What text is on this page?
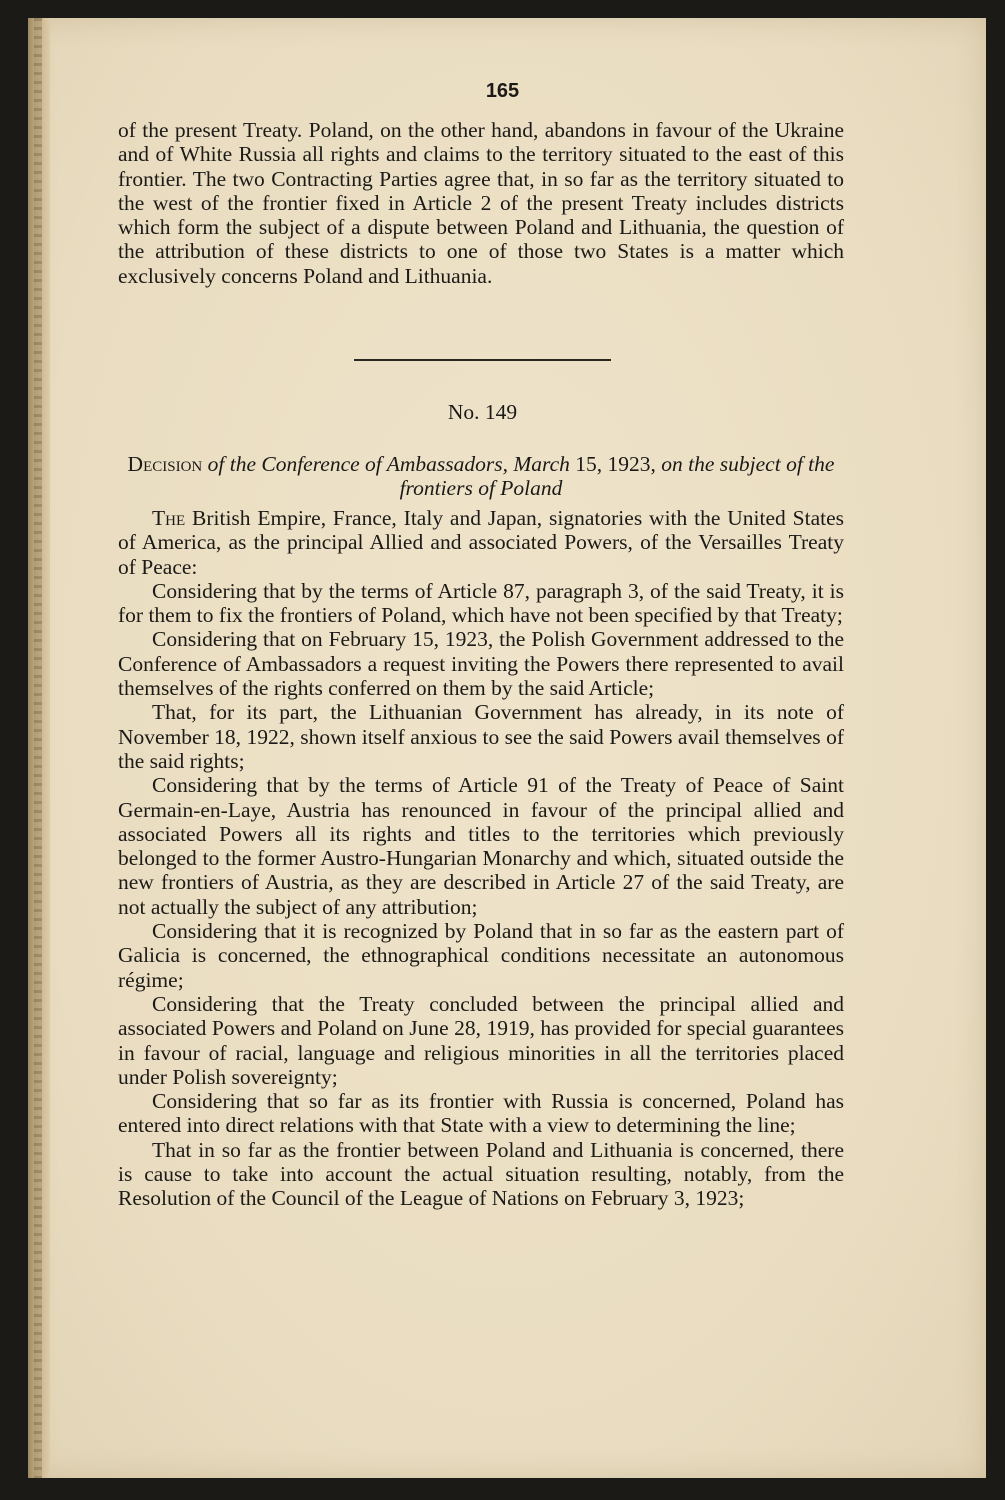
165
of the present Treaty. Poland, on the other hand, abandons in favour of the Ukraine and of White Russia all rights and claims to the territory situated to the east of this frontier. The two Contracting Parties agree that, in so far as the territory situated to the west of the frontier fixed in Article 2 of the present Treaty includes districts which form the subject of a dispute between Poland and Lithuania, the question of the attribution of these districts to one of those two States is a matter which exclusively concerns Poland and Lithuania.
No. 149
Decision of the Conference of Ambassadors, March 15, 1923, on the subject of the frontiers of Poland

The British Empire, France, Italy and Japan, signatories with the United States of America, as the principal Allied and associated Powers, of the Versailles Treaty of Peace:

Considering that by the terms of Article 87, paragraph 3, of the said Treaty, it is for them to fix the frontiers of Poland, which have not been specified by that Treaty;

Considering that on February 15, 1923, the Polish Government addressed to the Conference of Ambassadors a request inviting the Powers there represented to avail themselves of the rights conferred on them by the said Article;

That, for its part, the Lithuanian Government has already, in its note of November 18, 1922, shown itself anxious to see the said Powers avail themselves of the said rights;

Considering that by the terms of Article 91 of the Treaty of Peace of Saint Germain-en-Laye, Austria has renounced in favour of the principal allied and associated Powers all its rights and titles to the territories which previously belonged to the former Austro-Hungarian Monarchy and which, situated outside the new frontiers of Austria, as they are described in Article 27 of the said Treaty, are not actually the subject of any attribution;

Considering that it is recognized by Poland that in so far as the eastern part of Galicia is concerned, the ethnographical conditions necessitate an autonomous régime;

Considering that the Treaty concluded between the principal allied and associated Powers and Poland on June 28, 1919, has provided for special guarantees in favour of racial, language and religious minorities in all the territories placed under Polish sovereignty;

Considering that so far as its frontier with Russia is concerned, Poland has entered into direct relations with that State with a view to determining the line;

That in so far as the frontier between Poland and Lithuania is concerned, there is cause to take into account the actual situation resulting, notably, from the Resolution of the Council of the League of Nations on February 3, 1923;
